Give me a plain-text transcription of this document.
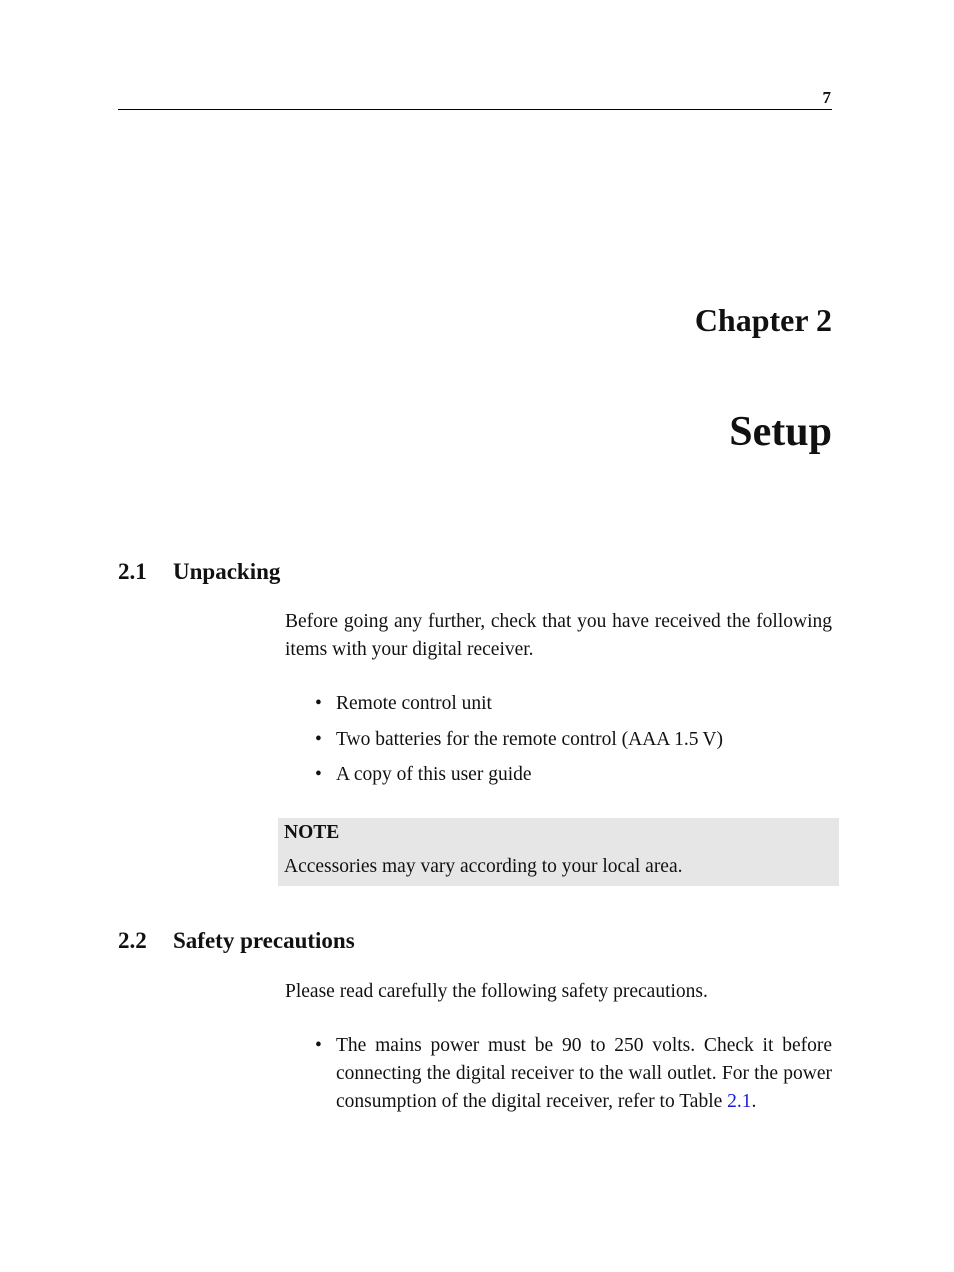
7
Chapter 2
Setup
2.1 Unpacking

Before going any further, check that you have received the following items with your digital receiver.

• Remote control unit
• Two batteries for the remote control (AAA 1.5 V)
• A copy of this user guide
NOTE
Accessories may vary according to your local area.
2.2 Safety precautions

Please read carefully the following safety precautions.

• The mains power must be 90 to 250 volts. Check it before connecting the digital receiver to the wall outlet. For the power consumption of the digital receiver, refer to Table 2.1.
